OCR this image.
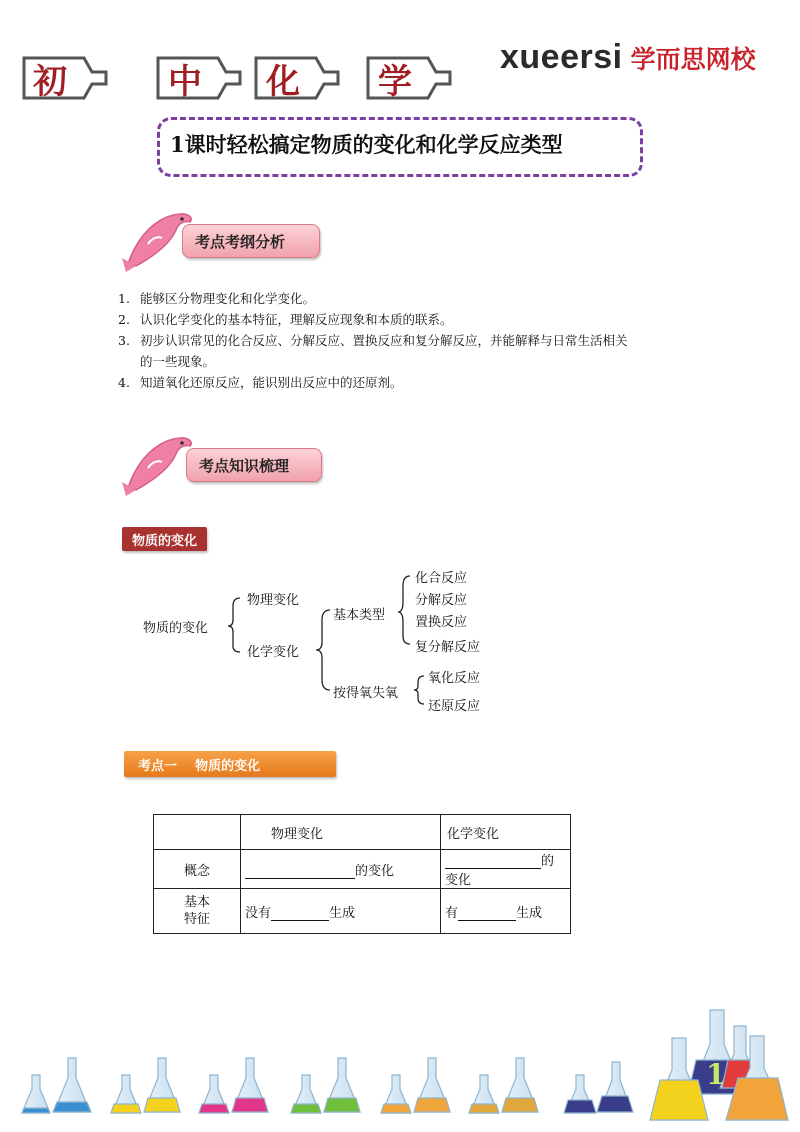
初	中 化 学
xue ersi 学而思网校
1课时轻松搞定物质的变化和化学反应类型
考点考纲分析
1. 能够区分物理变化和化学变化。
2. 认识化学变化的基本特征，理解反应现象和本质的联系。
3. 初步认识常见的化合反应、分解反应、置换反应和复分解反应，并能解释与日常生活相关
的一些现象。
4. 知道氧化还原反应，能识别出反应中的还原剂。
考点知识梳理
物质的变化
物质的变化
物理变化
化学变化
基本类型
按得氧失氧
化合反应
分解反应
置换反应
复分解反应
氧化反应
还原反应
考点一    物质的变化
	物理变化	化学变化
概念	的变化	的变化
基本
特征	没有 生成	有 生成
1
